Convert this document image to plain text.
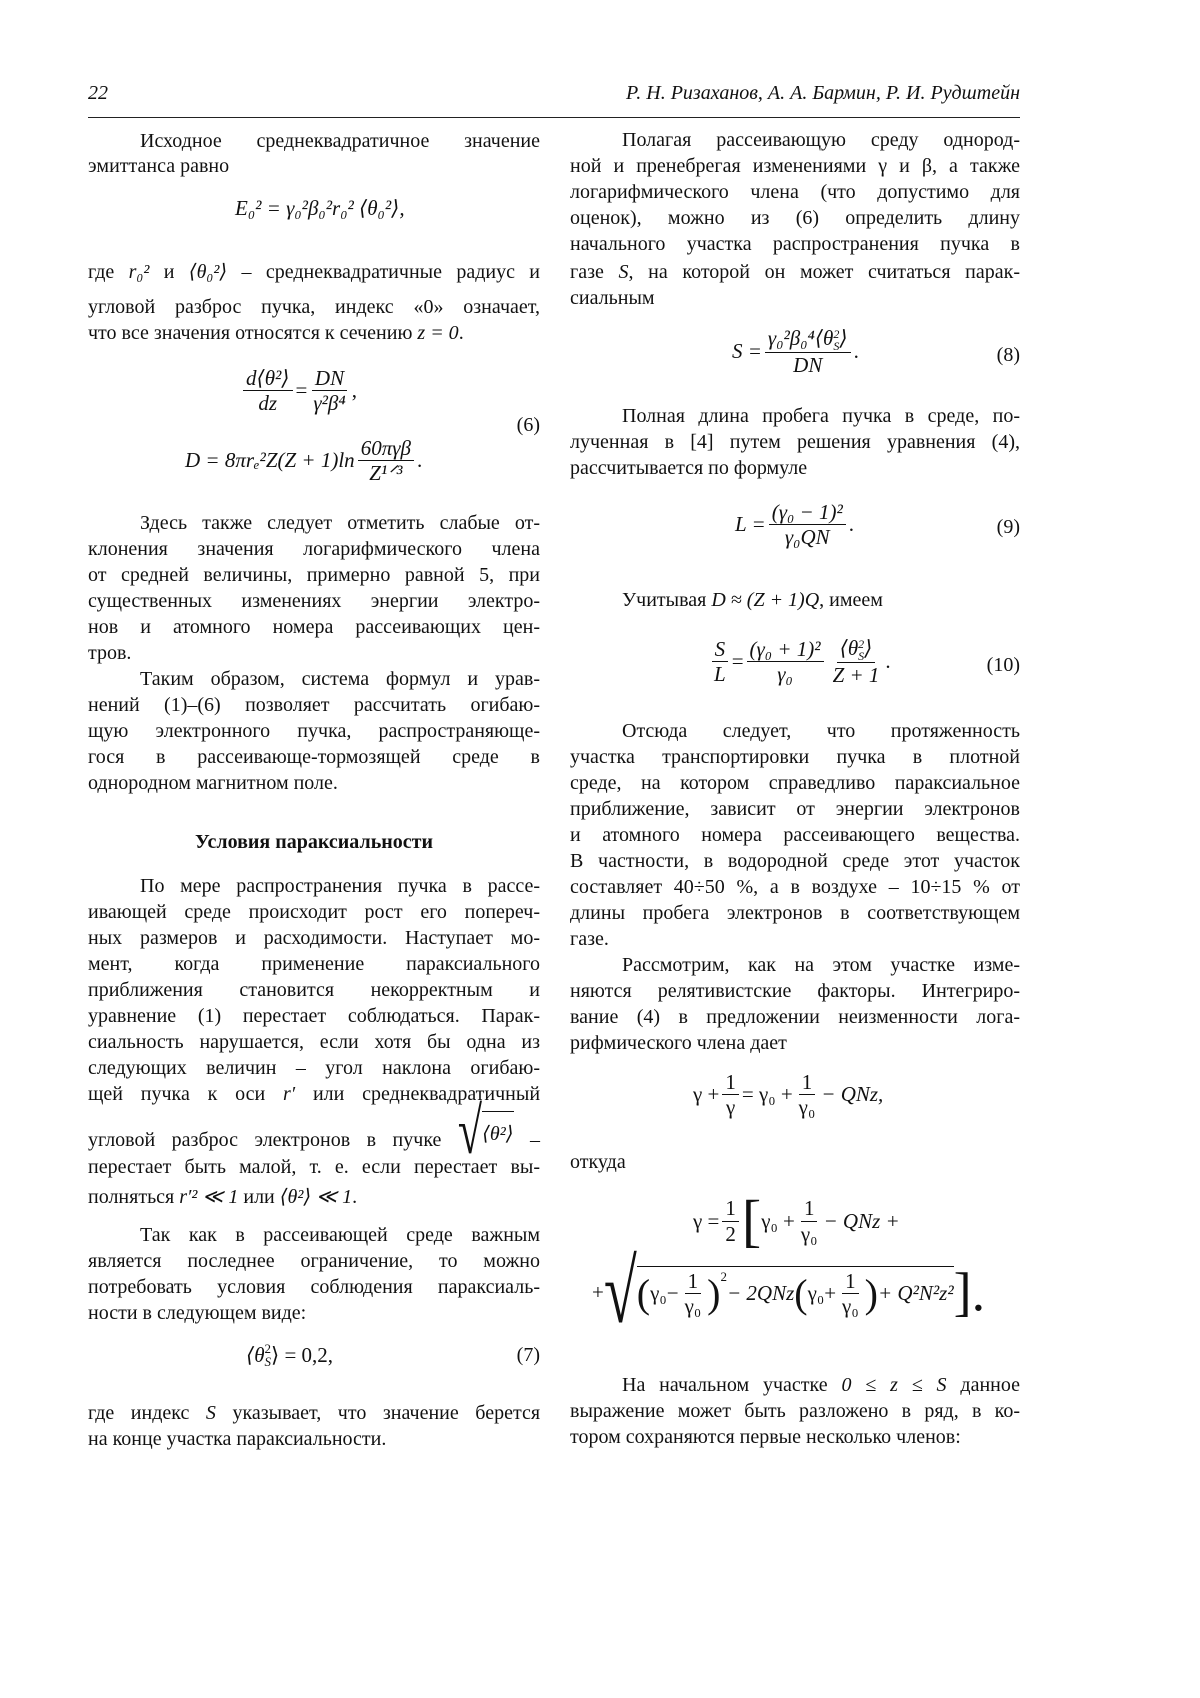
22	Р. Н. Ризаханов, А. А. Бармин, Р. И. Рудштейн
Исходное среднеквадратичное значение
эмиттанса равно
E₀² = γ₀²β₀²r₀²
⟨θ₀²⟩,
где r₀² и ⟨θ₀²⟩ – среднеквадратичные радиус и
угловой разброс пучка, индекс «0» означает,
что все значения относятся к сечению z = 0.
d⟨θ²⟩
dz
=
DN
γ²β⁴
,
D = 8πrₑ²Z(Z + 1)ln
60πγβ
Z¹ᐟ³
.
(6)
Здесь также следует отметить слабые от-
клонения значения логарифмического члена
от средней величины, примерно равной 5, при
существенных изменениях энергии электро-
нов и атомного номера рассеивающих цен-
тров.
Таким образом, система формул и урав-
нений (1)–(6) позволяет рассчитать огибаю-
щую электронного пучка, распространяюще-
гося в рассеивающе-тормозящей среде в
однородном магнитном поле.
Условия параксиальности
По мере распространения пучка в рассе-
ивающей среде происходит рост его попереч-
ных размеров и расходимости. Наступает мо-
мент, когда применение параксиального
приближения становится некорректным и
уравнение (1) перестает соблюдаться. Парак-
сиальность нарушается, если хотя бы одна из
следующих величин – угол наклона огибаю-
щей пучка к оси r′ или среднеквадратичный
угловой разброс электронов в пучке √ ⟨θ²⟩ –
перестает быть малой, т. е. если перестает вы-
полняться r′² ≪ 1 или ⟨θ²⟩ ≪ 1.
Так как в рассеивающей среде важным
является последнее ограничение, то можно
потребовать условия соблюдения параксиаль-
ности в следующем виде:
⟨θ 2
S ⟩ = 0,2,	(7)
где индекс S указывает, что значение берется
на конце участка параксиальности.
Полагая рассеивающую среду однород-
ной и пренебрегая изменениями γ и β, а также
логарифмического члена (что допустимо для
оценок), можно из (6) определить длину
начального участка распространения пучка в
газе S, на которой он может считаться парак-
сиальным
S =
γ₀²β₀⁴⟨θ 2
S ⟩
DN
.	(8)
Полная длина пробега пучка в среде, по-
лученная в [4] путем решения уравнения (4),
рассчитывается по формуле
L =
(γ₀ − 1)²
γ₀QN
.	(9)
Учитывая D ≈ (Z + 1)Q, имеем
S
L
=
(γ₀ + 1)²
γ₀
⟨θ 2
S ⟩
Z + 1
.	(10)
Отсюда следует, что протяженность
участка транспортировки пучка в плотной
среде, на котором справедливо параксиальное
приближение, зависит от энергии электронов
и атомного номера рассеивающего вещества.
В частности, в водородной среде этот участок
составляет 40÷50 %, а в воздухе – 10÷15 % от
длины пробега электронов в соответствующем
газе.
Рассмотрим, как на этом участке изме-
няются релятивистские факторы. Интегриро-
вание (4) в предложении неизменности лога-
рифмического члена дает
γ +
1
γ
= γ₀ +
1
γ₀
− QNz,
откуда
γ =
1
2 [ γ₀ +
1
γ₀
− QNz +
+ √ ( γ₀ −
1
γ₀ ) 2
− 2QNz ( γ₀ +
1
γ₀ ) + Q²N²z² ].
На начальном участке 0 ≤ z ≤ S данное
выражение может быть разложено в ряд, в ко-
тором сохраняются первые несколько членов:
